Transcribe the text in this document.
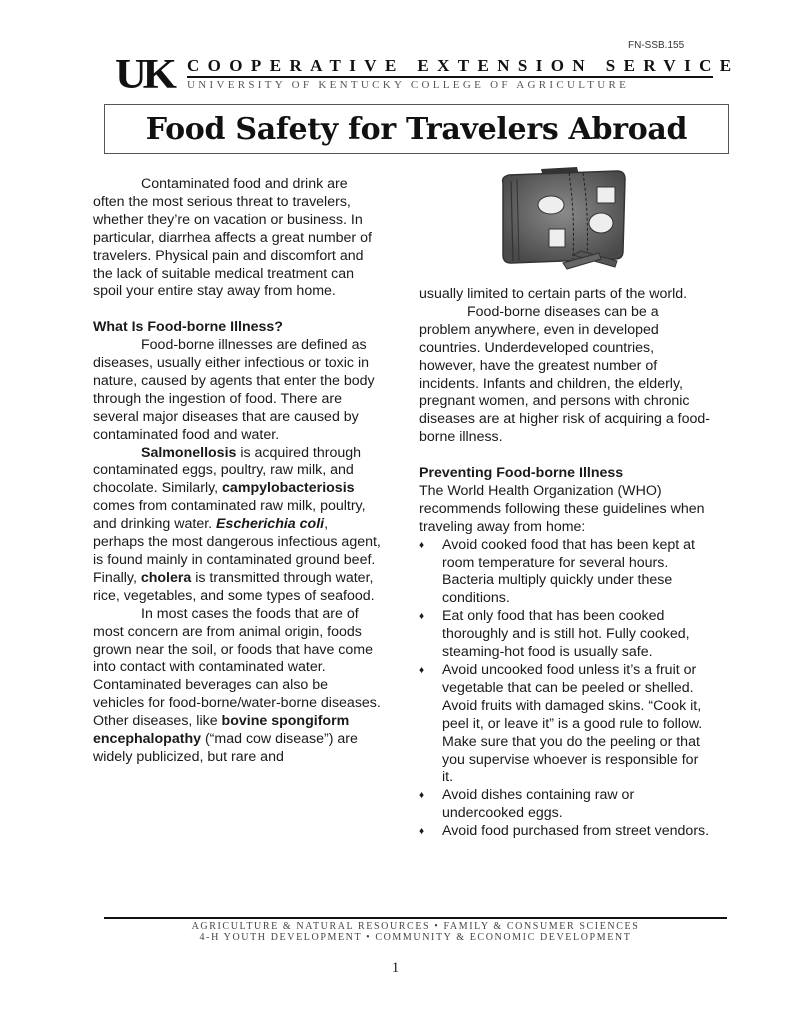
FN-SSB.155
UK COOPERATIVE EXTENSION SERVICE
UNIVERSITY OF KENTUCKY COLLEGE OF AGRICULTURE
Food Safety for Travelers Abroad

Contaminated food and drink are often the most serious threat to travelers, whether they’re on vacation or business. In particular, diarrhea affects a great number of travelers. Physical pain and discomfort and the lack of suitable medical treatment can spoil your entire stay away from home.

What Is Food-borne Illness?

Food-borne illnesses are defined as diseases, usually either infectious or toxic in nature, caused by agents that enter the body through the ingestion of food. There are several major diseases that are caused by contaminated food and water.

Salmonellosis is acquired through contaminated eggs, poultry, raw milk, and chocolate. Similarly, campylobacteriosis comes from contaminated raw milk, poultry, and drinking water. Escherichia coli, perhaps the most dangerous infectious agent, is found mainly in contaminated ground beef. Finally, cholera is transmitted through water, rice, vegetables, and some types of seafood.

In most cases the foods that are of most concern are from animal origin, foods grown near the soil, or foods that have come into contact with contaminated water. Contaminated beverages can also be vehicles for food-borne/water-borne diseases. Other diseases, like bovine spongiform encephalopathy (“mad cow disease”) are widely publicized, but rare and

usually limited to certain parts of the world.

Food-borne diseases can be a problem anywhere, even in developed countries. Underdeveloped countries, however, have the greatest number of incidents. Infants and children, the elderly, pregnant women, and persons with chronic diseases are at higher risk of acquiring a food-borne illness.

Preventing Food-borne Illness

The World Health Organization (WHO) recommends following these guidelines when traveling away from home:

♦ Avoid cooked food that has been kept at room temperature for several hours. Bacteria multiply quickly under these conditions.
♦ Eat only food that has been cooked thoroughly and is still hot. Fully cooked, steaming-hot food is usually safe.
♦ Avoid uncooked food unless it’s a fruit or vegetable that can be peeled or shelled. Avoid fruits with damaged skins. “Cook it, peel it, or leave it” is a good rule to follow. Make sure that you do the peeling or that you supervise whoever is responsible for it.
♦ Avoid dishes containing raw or undercooked eggs.
♦ Avoid food purchased from street vendors.
AGRICULTURE & NATURAL RESOURCES • FAMILY & CONSUMER SCIENCES
4-H YOUTH DEVELOPMENT • COMMUNITY & ECONOMIC DEVELOPMENT
1
